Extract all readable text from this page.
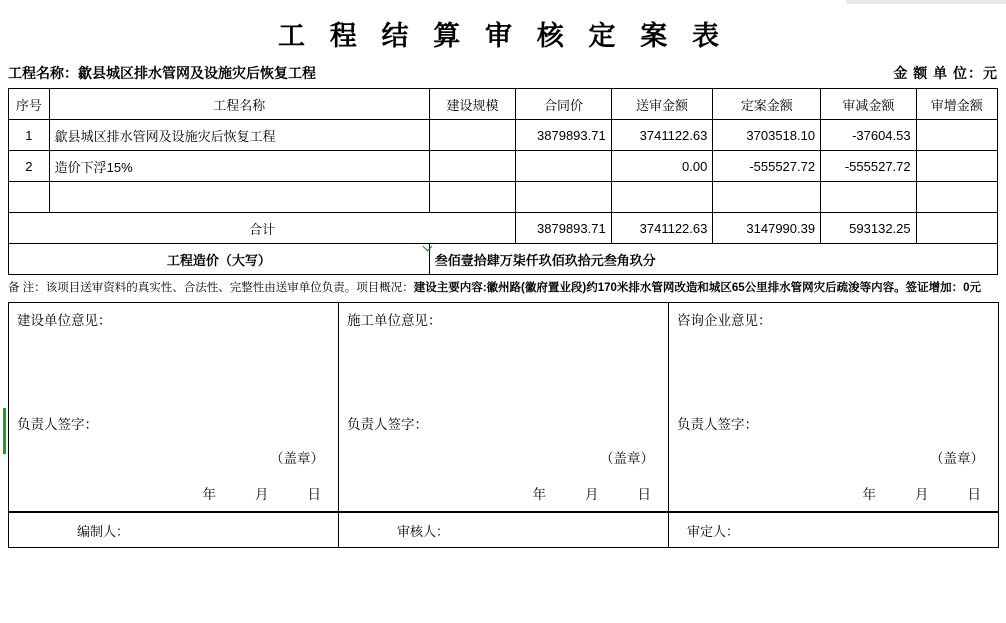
工 程 结 算 审 核 定 案 表
工程名称：歙县城区排水管网及设施灾后恢复工程	金 额 单 位：元
序号	工程名称	建设规模	合同价	送审金额	定案金额	审减金额	审增金额
1	歙县城区排水管网及设施灾后恢复工程		3879893.71	3741122.63	3703518.10	-37604.53	
2	造价下浮15%			0.00	-555527.72	-555527.72	

合计			3879893.71	3741122.63	3147990.39	593132.25	
工程造价（大写）		叁佰壹拾肆万柒仟玖佰玖拾元叁角玖分					
备 注：该项目送审资料的真实性、合法性、完整性由送审单位负责。项目概况：建设主要内容:徽州路(徽府置业段)约170米排水管网改造和城区65公里排水管网灾后疏浚等内容。签证增加：0元
建设单位意见：
负责人签字：
（盖章）
年	月	日

施工单位意见：
负责人签字：
（盖章）
年	月	日

咨询企业意见：
负责人签字：
（盖章）
年	月	日
编制人：	审核人：	审定人：
